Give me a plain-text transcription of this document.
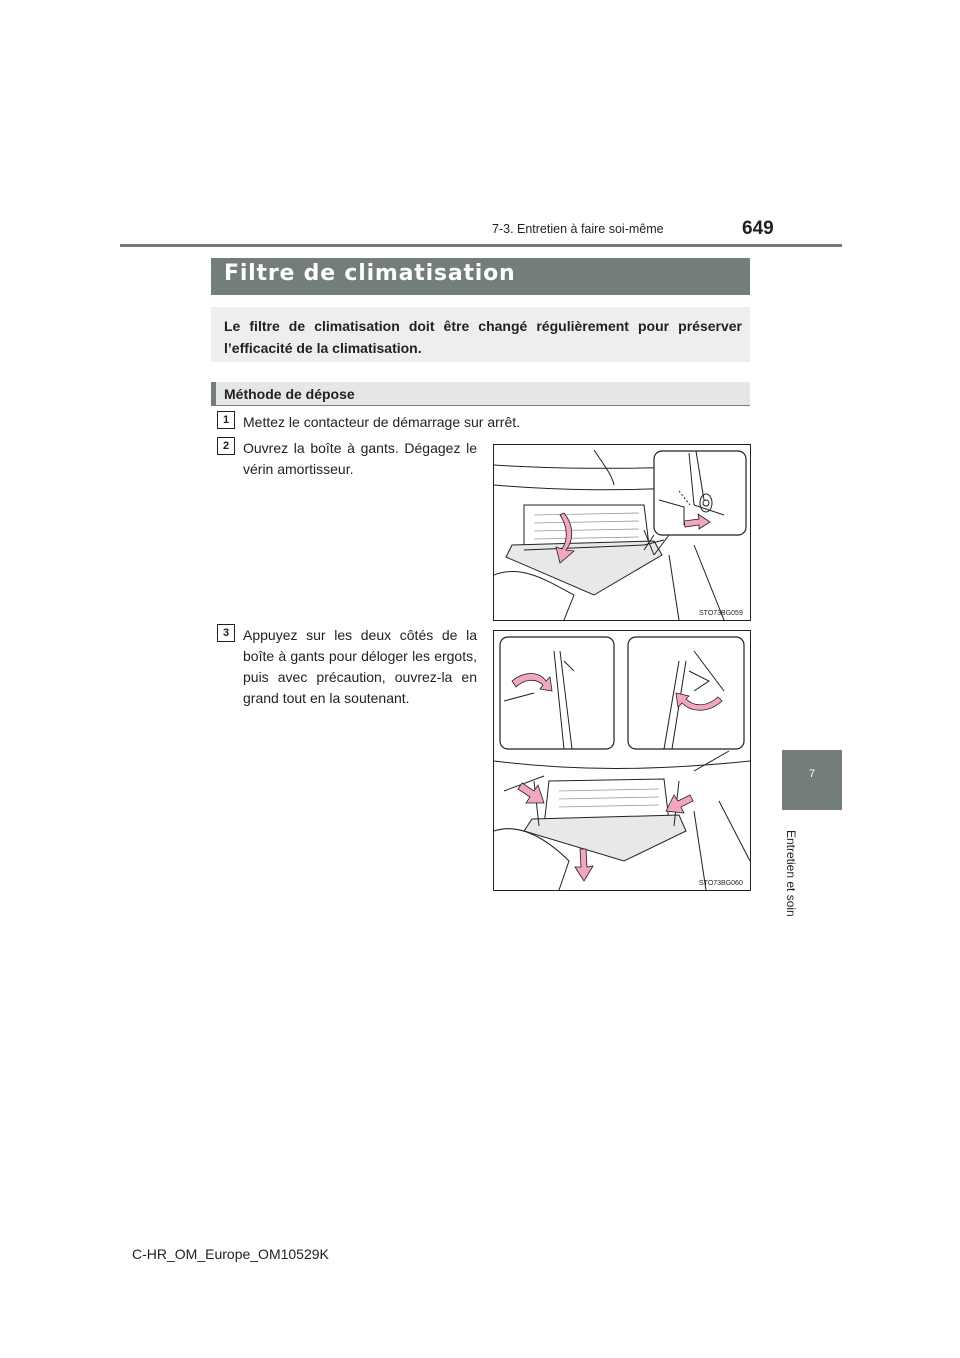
7-3. Entretien à faire soi-même	649
7
Entretien et soin
Filtre de climatisation
Le filtre de climatisation doit être changé régulièrement pour préserver l’efficacité de la climatisation.
Méthode de dépose
1 Mettez le contacteur de démarrage sur arrêt.
2 Ouvrez la boîte à gants. Dégagez le vérin amortisseur.
STO73BG059
3 Appuyez sur les deux côtés de la boîte à gants pour déloger les ergots, puis avec précaution, ouvrez-la en grand tout en la soutenant.
STO73BG060
C-HR_OM_Europe_OM10529K
